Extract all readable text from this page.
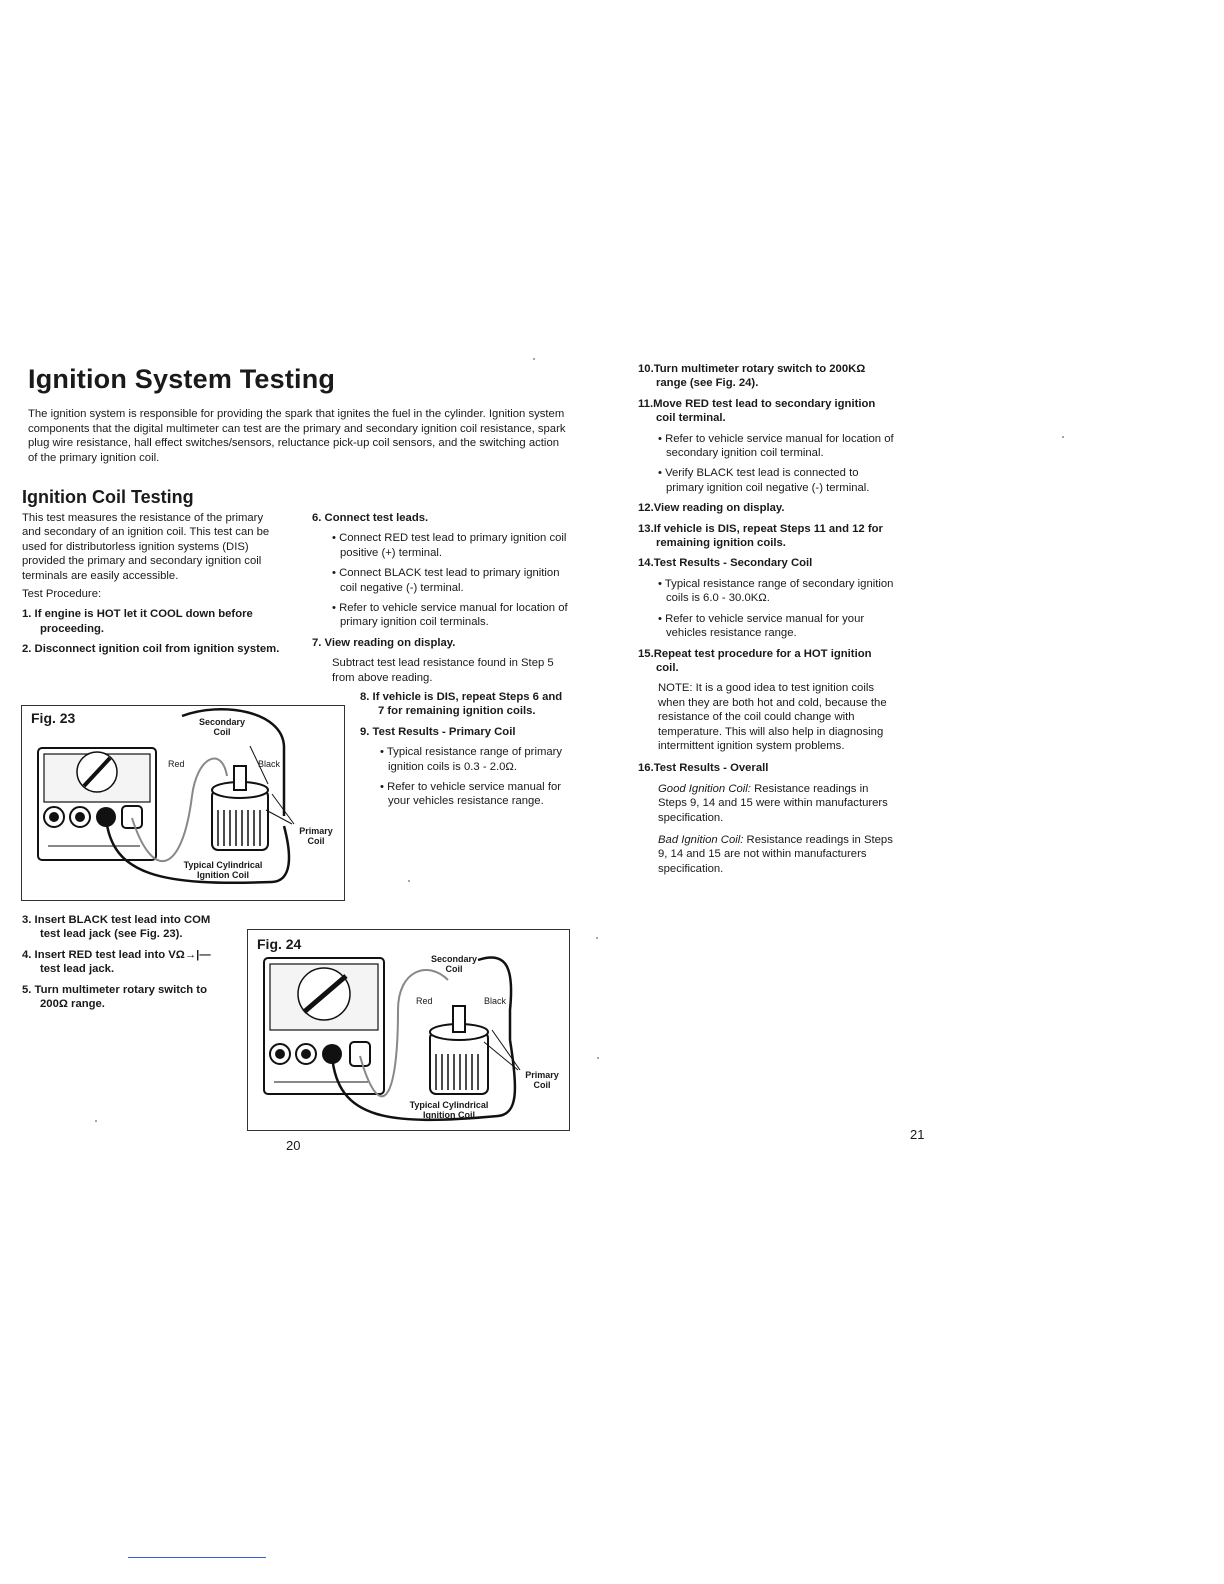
Ignition System Testing
The ignition system is responsible for providing the spark that ignites the fuel in the cylinder. Ignition system components that the digital multimeter can test are the primary and secondary ignition coil resistance, spark plug wire resistance, hall effect switches/sensors, reluctance pick-up coil sensors, and the switching action of the primary ignition coil.
Ignition Coil Testing

This test measures the resistance of the primary and secondary of an ignition coil. This test can be used for distributorless ignition systems (DIS) provided the primary and secondary ignition coil terminals are easily accessible.

Test Procedure:

1. If engine is HOT let it COOL down before proceeding.
2. Disconnect ignition coil from ignition system.
6. Connect test leads.
• Connect RED test lead to primary ignition coil positive (+) terminal.
• Connect BLACK test lead to primary ignition coil negative (-) terminal.
• Refer to vehicle service manual for location of primary ignition coil terminals.
7. View reading on display.
Subtract test lead resistance found in Step 5 from above reading.
8. If vehicle is DIS, repeat Steps 6 and 7 for remaining ignition coils.
9. Test Results - Primary Coil
• Typical resistance range of primary ignition coils is 0.3 - 2.0Ω.
• Refer to vehicle service manual for your vehicles resistance range.
10.Turn multimeter rotary switch to 200KΩ range (see Fig. 24).
11.Move RED test lead to secondary ignition coil terminal.
• Refer to vehicle service manual for location of secondary ignition coil terminal.
• Verify BLACK test lead is connected to primary ignition coil negative (-) terminal.
12.View reading on display.
13.If vehicle is DIS, repeat Steps 11 and 12 for remaining ignition coils.
14.Test Results - Secondary Coil
• Typical resistance range of secondary ignition coils is 6.0 - 30.0KΩ.
• Refer to vehicle service manual for your vehicles resistance range.
15.Repeat test procedure for a HOT ignition coil.
NOTE: It is a good idea to test ignition coils when they are both hot and cold, because the resistance of the coil could change with temperature. This will also help in diagnosing intermittent ignition system problems.
16.Test Results - Overall
Good Ignition Coil: Resistance readings in Steps 9, 14 and 15 were within manufacturers specification.
Bad Ignition Coil: Resistance readings in Steps 9, 14 and 15 are not within manufacturers specification.
3. Insert BLACK test lead into COM test lead jack (see Fig. 23).
4. Insert RED test lead into VΩ→|— test lead jack.
5. Turn multimeter rotary switch to 200Ω range.
Fig. 23	Secondary Coil
Red	Black
Primary Coil
Typical Cylindrical Ignition Coil
Fig. 24
Secondary Coil
Red	Black
Primary Coil
Typical Cylindrical Ignition Coil
20
21
